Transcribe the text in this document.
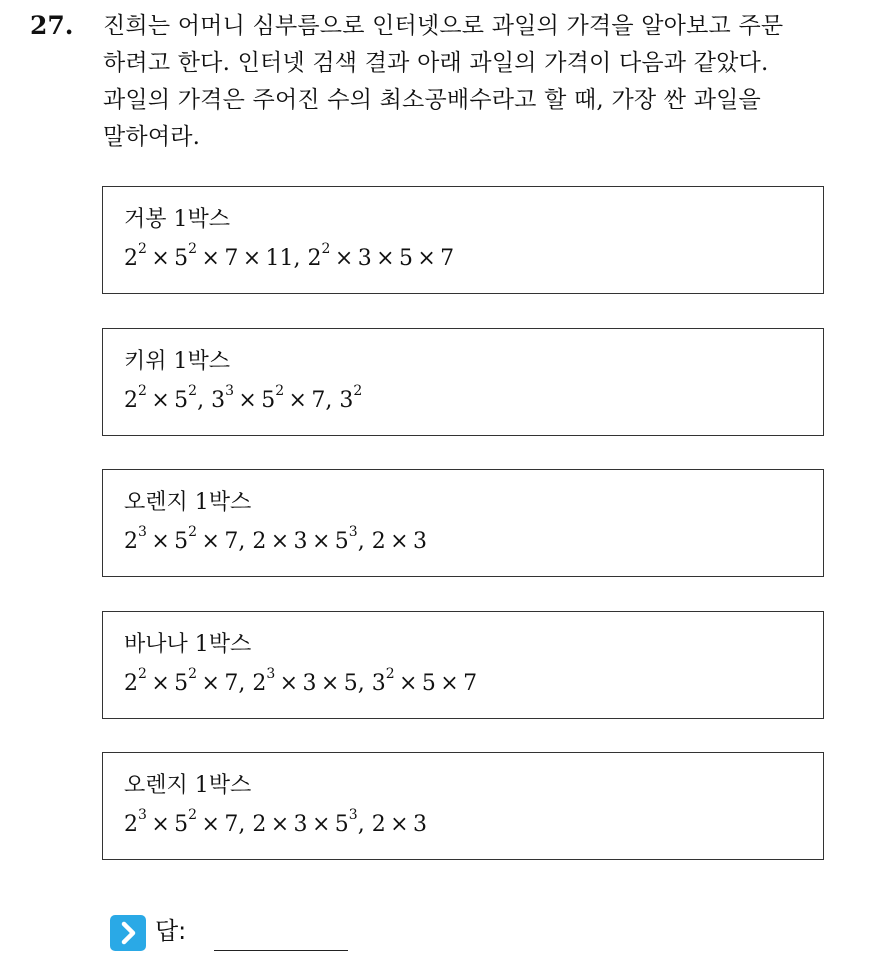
27. 진희는 어머니 심부름으로 인터넷으로 과일의 가격을 알아보고 주문
하려고 한다. 인터넷 검색 결과 아래 과일의 가격이 다음과 같았다.
과일의 가격은 주어진 수의 최소공배수라고 할 때, 가장 싼 과일을
말하여라.
거봉 1박스
$2^2 \times 5^2 \times 7 \times 11$, $2^2 \times 3 \times 5 \times 7$
키위 1박스
$2^2 \times 5^2$, $3^3 \times 5^2 \times 7$, $3^2$
오렌지 1박스
$2^3 \times 5^2 \times 7$, $2 \times 3 \times 5^3$, 2 × 3
바나나 1박스
$2^2 \times 5^2 \times 7$, $2^3 \times 3 \times 5$, $3^2 \times 5 \times 7$
오렌지 1박스
$2^3 \times 5^2 \times 7$, $2 \times 3 \times 5^3$, 2 × 3
답:
